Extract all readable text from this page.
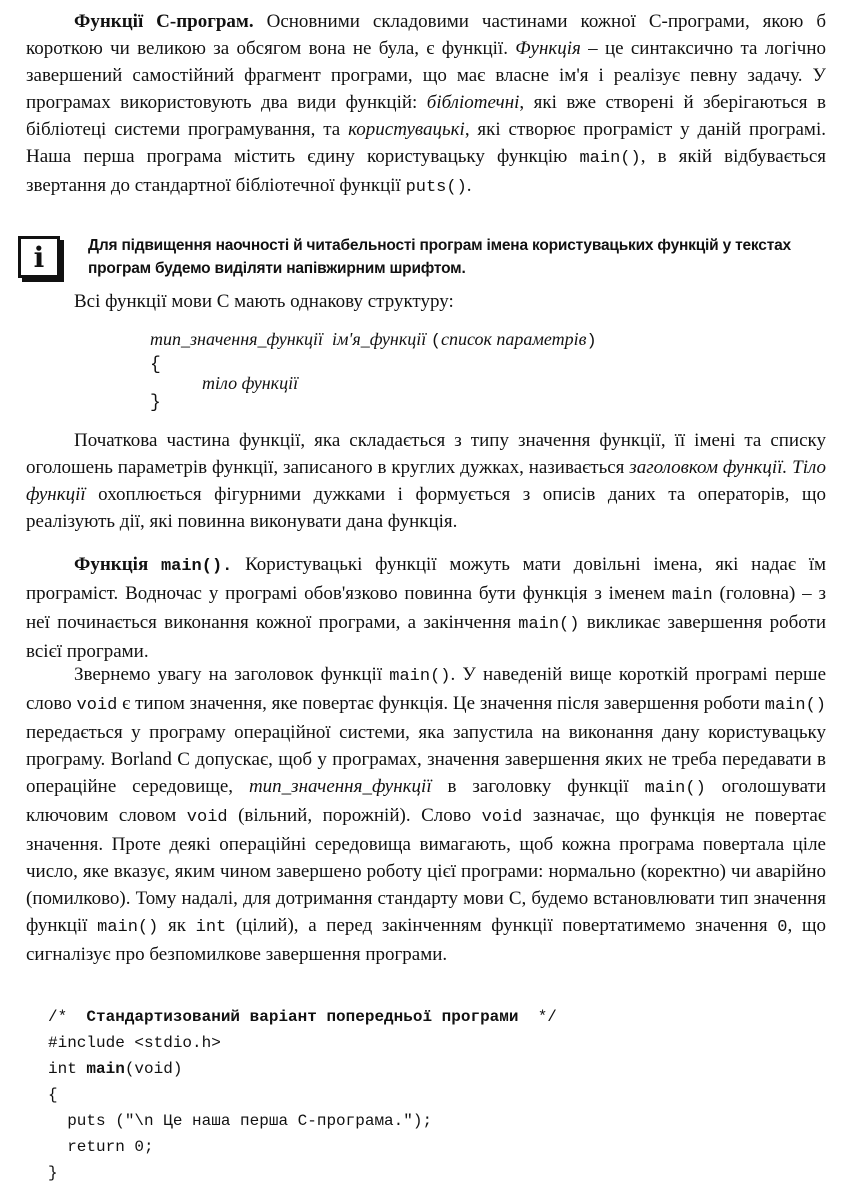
Функції С-програм. Основними складовими частинами кожної С-програми, якою б короткою чи великою за обсягом вона не була, є функції. Функція – це синтаксично та логічно завершений самостійний фрагмент програми, що має власне ім'я і реалізує певну задачу. У програмах використовують два види функцій: бібліотечні, які вже створені й зберігаються в бібліотеці системи програмування, та користувацькі, які створює програміст у даній програмі. Наша перша програма містить єдину користувацьку функцію main(), в якій відбувається звертання до стандартної бібліотечної функції puts().

i	Для підвищення наочності й читабельності програм імена користувацьких функцій у текстах програм будемо виділяти напівжирним шрифтом.

Всі функції мови С мають однакову структуру:

тип_значення_функції ім'я_функції (список параметрів)
{
тіло функції
}

Початкова частина функції, яка складається з типу значення функції, її імені та списку оголошень параметрів функції, записаного в круглих дужках, називається заголовком функції. Тіло функції охоплюється фігурними дужками і формується з описів даних та операторів, що реалізують дії, які повинна виконувати дана функція.

Функція main(). Користувацькі функції можуть мати довільні імена, які надає їм програміст. Водночас у програмі обов'язково повинна бути функція з іменем main (головна) – з неї починається виконання кожної програми, а закінчення main() викликає завершення роботи всієї програми.

Звернемо увагу на заголовок функції main(). У наведеній вище короткій програмі перше слово void є типом значення, яке повертає функція. Це значення після завершення роботи main() передається у програму операційної системи, яка запустила на виконання дану користувацьку програму. Borland C допускає, щоб у програмах, значення завершення яких не треба передавати в операційне середовище, тип_значення_функції в заголовку функції main() оголошувати ключовим словом void (вільний, порожній). Слово void зазначає, що функція не повертає значення. Проте деякі операційні середовища вимагають, щоб кожна програма повертала ціле число, яке вказує, яким чином завершено роботу цієї програми: нормально (коректно) чи аварійно (помилково). Тому надалі, для дотримання стандарту мови С, будемо встановлювати тип значення функції main() як int (цілий), а перед закінченням функції повертатимемо значення 0, що сигналізує про безпомилкове завершення програми.

/*  Стандартизований варіант попередньої програми  */
#include <stdio.h>
int main(void)
{
puts ("\n Це наша перша С-програма.");
return 0;
}
